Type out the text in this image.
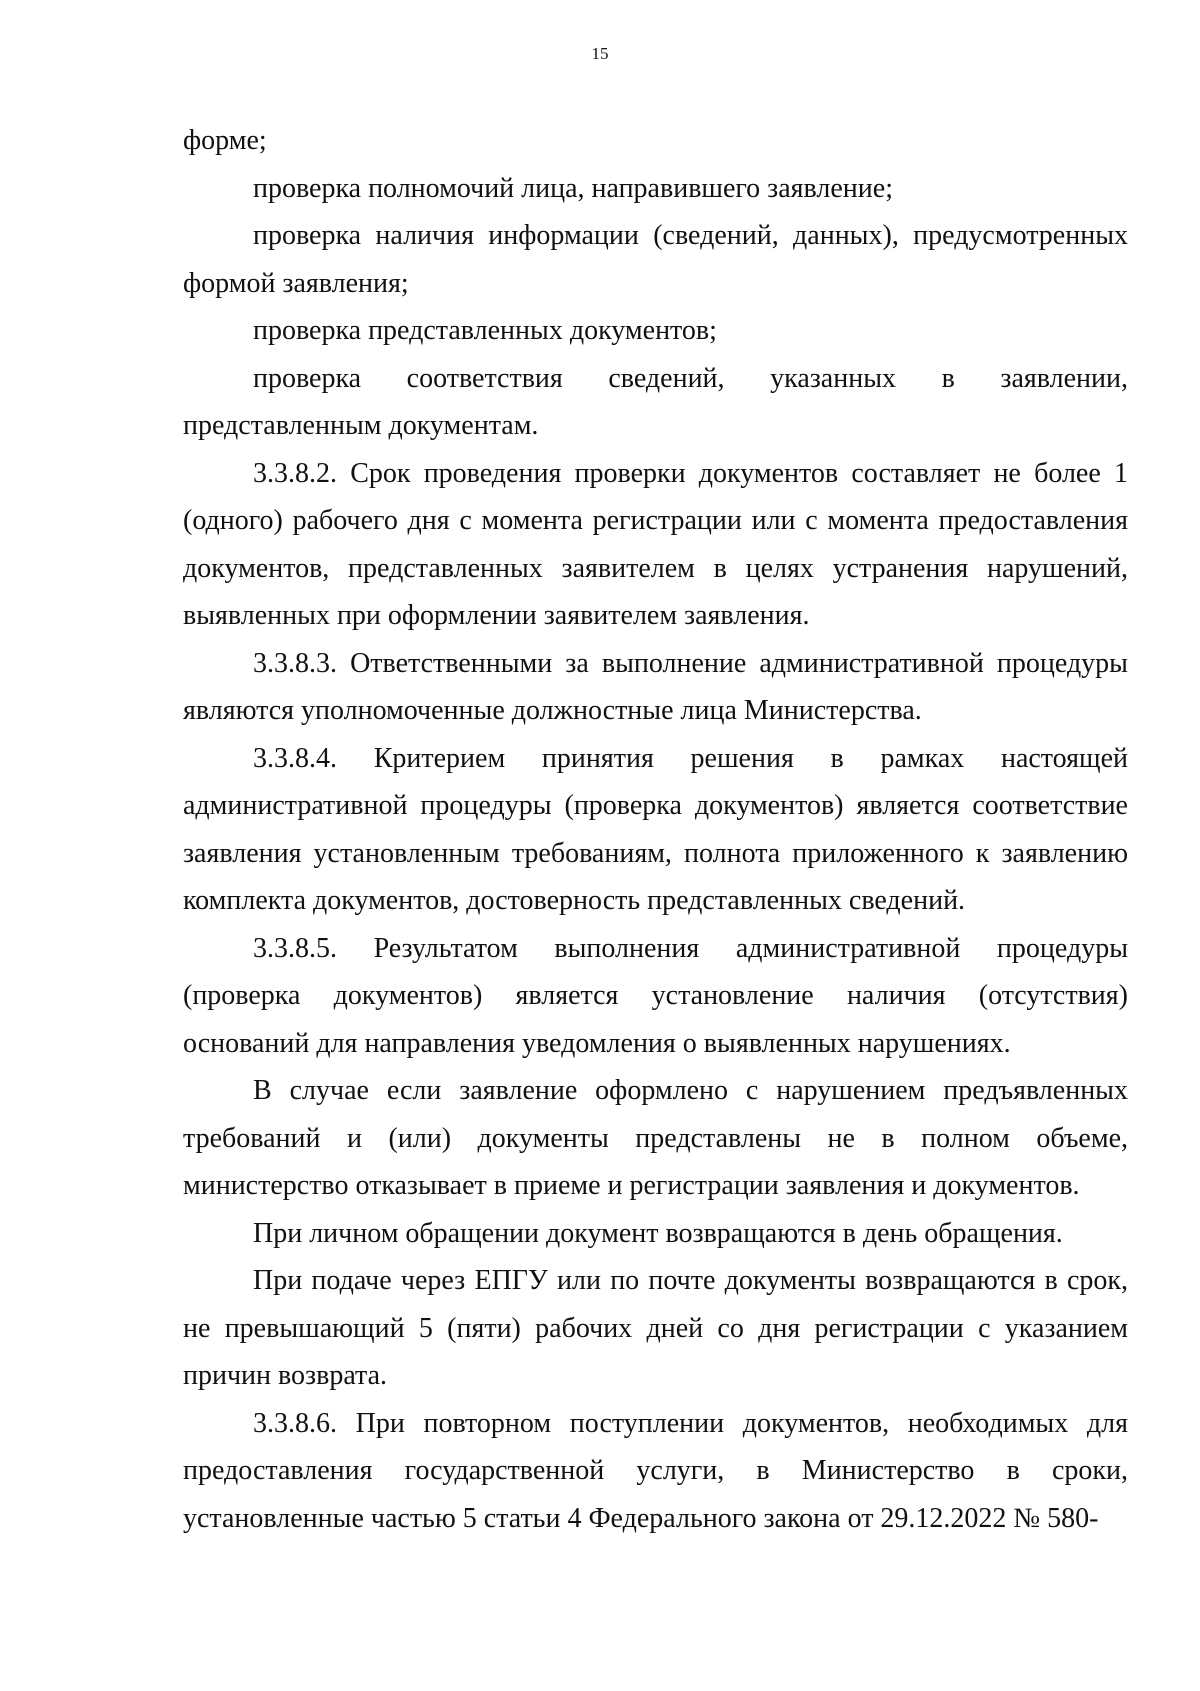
15

форме;

проверка полномочий лица, направившего заявление;

проверка наличия информации (сведений, данных), предусмотренных формой заявления;

проверка представленных документов;

проверка соответствия сведений, указанных в заявлении, представленным документам.

3.3.8.2. Срок проведения проверки документов составляет не более 1 (одного) рабочего дня с момента регистрации или с момента предоставления документов, представленных заявителем в целях устранения нарушений, выявленных при оформлении заявителем заявления.

3.3.8.3. Ответственными за выполнение административной процедуры являются уполномоченные должностные лица Министерства.

3.3.8.4. Критерием принятия решения в рамках настоящей административной процедуры (проверка документов) является соответствие заявления установленным требованиям, полнота приложенного к заявлению комплекта документов, достоверность представленных сведений.

3.3.8.5. Результатом выполнения административной процедуры (проверка документов) является установление наличия (отсутствия) оснований для направления уведомления о выявленных нарушениях.

В случае если заявление оформлено с нарушением предъявленных требований и (или) документы представлены не в полном объеме, министерство отказывает в приеме и регистрации заявления и документов.

При личном обращении документ возвращаются в день обращения.

При подаче через ЕПГУ или по почте документы возвращаются в срок, не превышающий 5 (пяти) рабочих дней со дня регистрации с указанием причин возврата.

3.3.8.6. При повторном поступлении документов, необходимых для предоставления государственной услуги, в Министерство в сроки, установленные частью 5 статьи 4 Федерального закона от 29.12.2022 № 580-
